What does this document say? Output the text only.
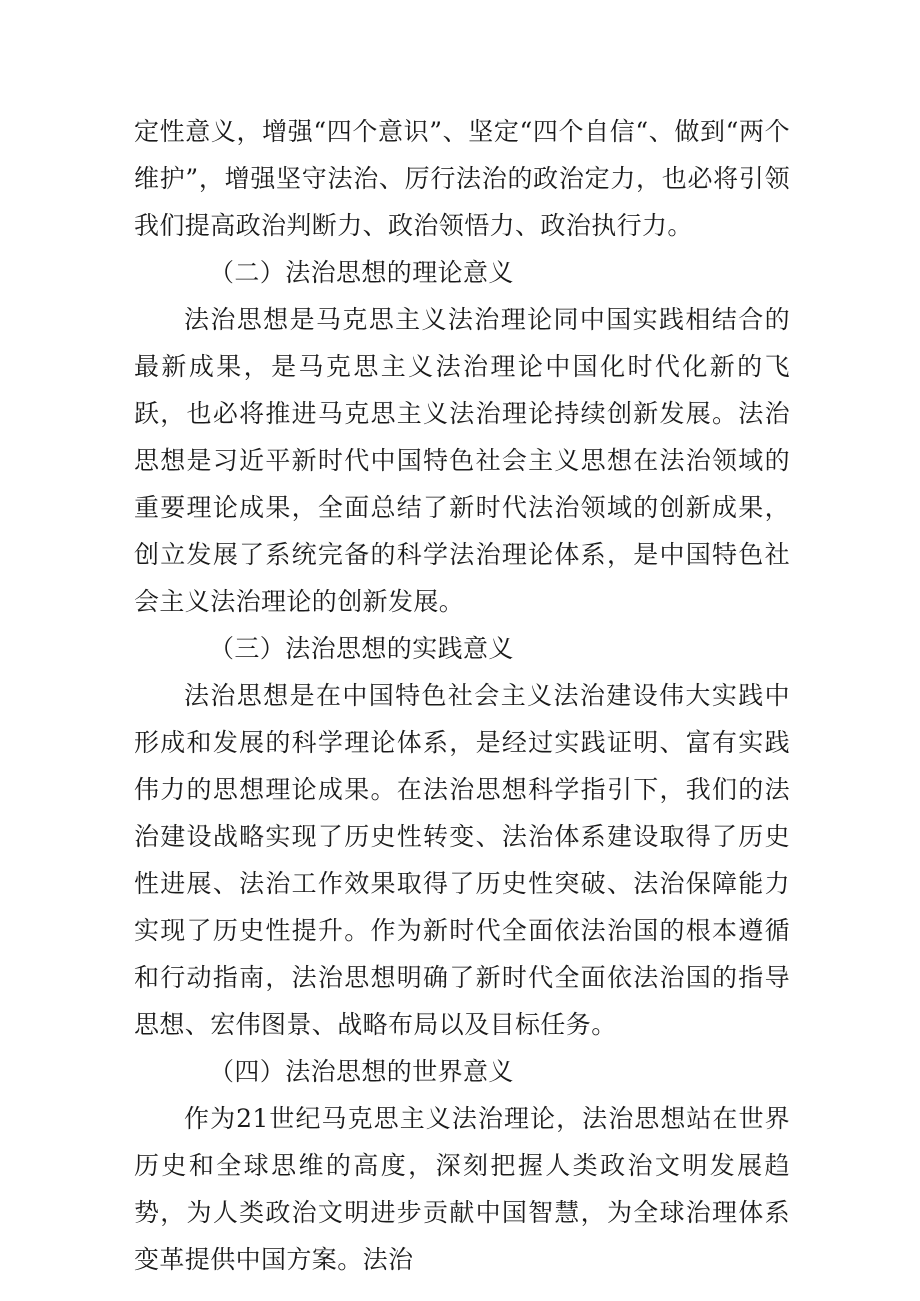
定性意义，增强“四个意识”、坚定“四个自信“、做到“两个维护”，增强坚守法治、厉行法治的政治定力，也必将引领我们提高政治判断力、政治领悟力、政治执行力。

（二）法治思想的理论意义

法治思想是马克思主义法治理论同中国实践相结合的最新成果，是马克思主义法治理论中国化时代化新的飞跃，也必将推进马克思主义法治理论持续创新发展。法治思想是习近平新时代中国特色社会主义思想在法治领域的重要理论成果，全面总结了新时代法治领域的创新成果，创立发展了系统完备的科学法治理论体系，是中国特色社会主义法治理论的创新发展。

（三）法治思想的实践意义

法治思想是在中国特色社会主义法治建设伟大实践中形成和发展的科学理论体系，是经过实践证明、富有实践伟力的思想理论成果。在法治思想科学指引下，我们的法治建设战略实现了历史性转变、法治体系建设取得了历史性进展、法治工作效果取得了历史性突破、法治保障能力实现了历史性提升。作为新时代全面依法治国的根本遵循和行动指南，法治思想明确了新时代全面依法治国的指导思想、宏伟图景、战略布局以及目标任务。

（四）法治思想的世界意义

作为21世纪马克思主义法治理论，法治思想站在世界历史和全球思维的高度，深刻把握人类政治文明发展趋势，为人类政治文明进步贡献中国智慧，为全球治理体系变革提供中国方案。法治
